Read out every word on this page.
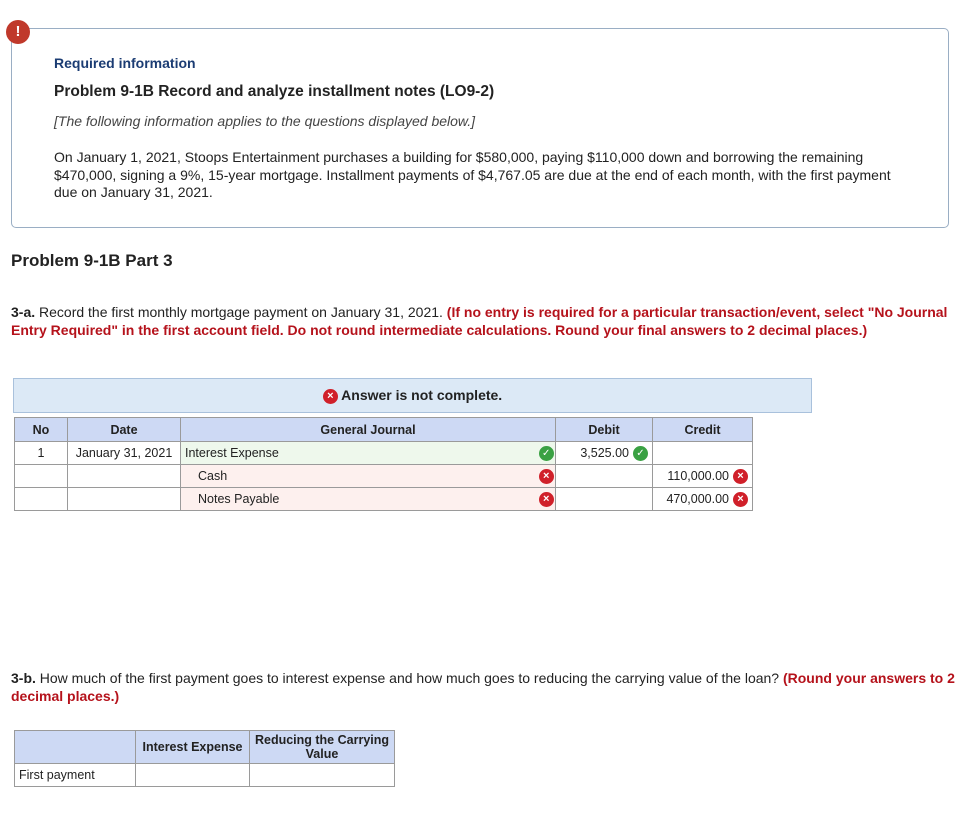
!
Required information
Problem 9-1B Record and analyze installment notes (LO9-2)
[The following information applies to the questions displayed below.]
On January 1, 2021, Stoops Entertainment purchases a building for $580,000, paying $110,000 down and borrowing the remaining $470,000, signing a 9%, 15-year mortgage. Installment payments of $4,767.05 are due at the end of each month, with the first payment due on January 31, 2021.
Problem 9-1B Part 3
3-a. Record the first monthly mortgage payment on January 31, 2021. (If no entry is required for a particular transaction/event, select "No Journal Entry Required" in the first account field. Do not round intermediate calculations. Round your final answers to 2 decimal places.)
× Answer is not complete.
No	Date	General Journal		Debit	Credit
1	January 31, 2021	Interest Expense	✓	3,525.00 ✓	

		Cash	×		110,000.00 ×

		Notes Payable	×		470,000.00 ×
3-b. How much of the first payment goes to interest expense and how much goes to reducing the carrying value of the loan? (Round your answers to 2 decimal places.)
	Interest Expense	Reducing the Carrying Value
First payment		
